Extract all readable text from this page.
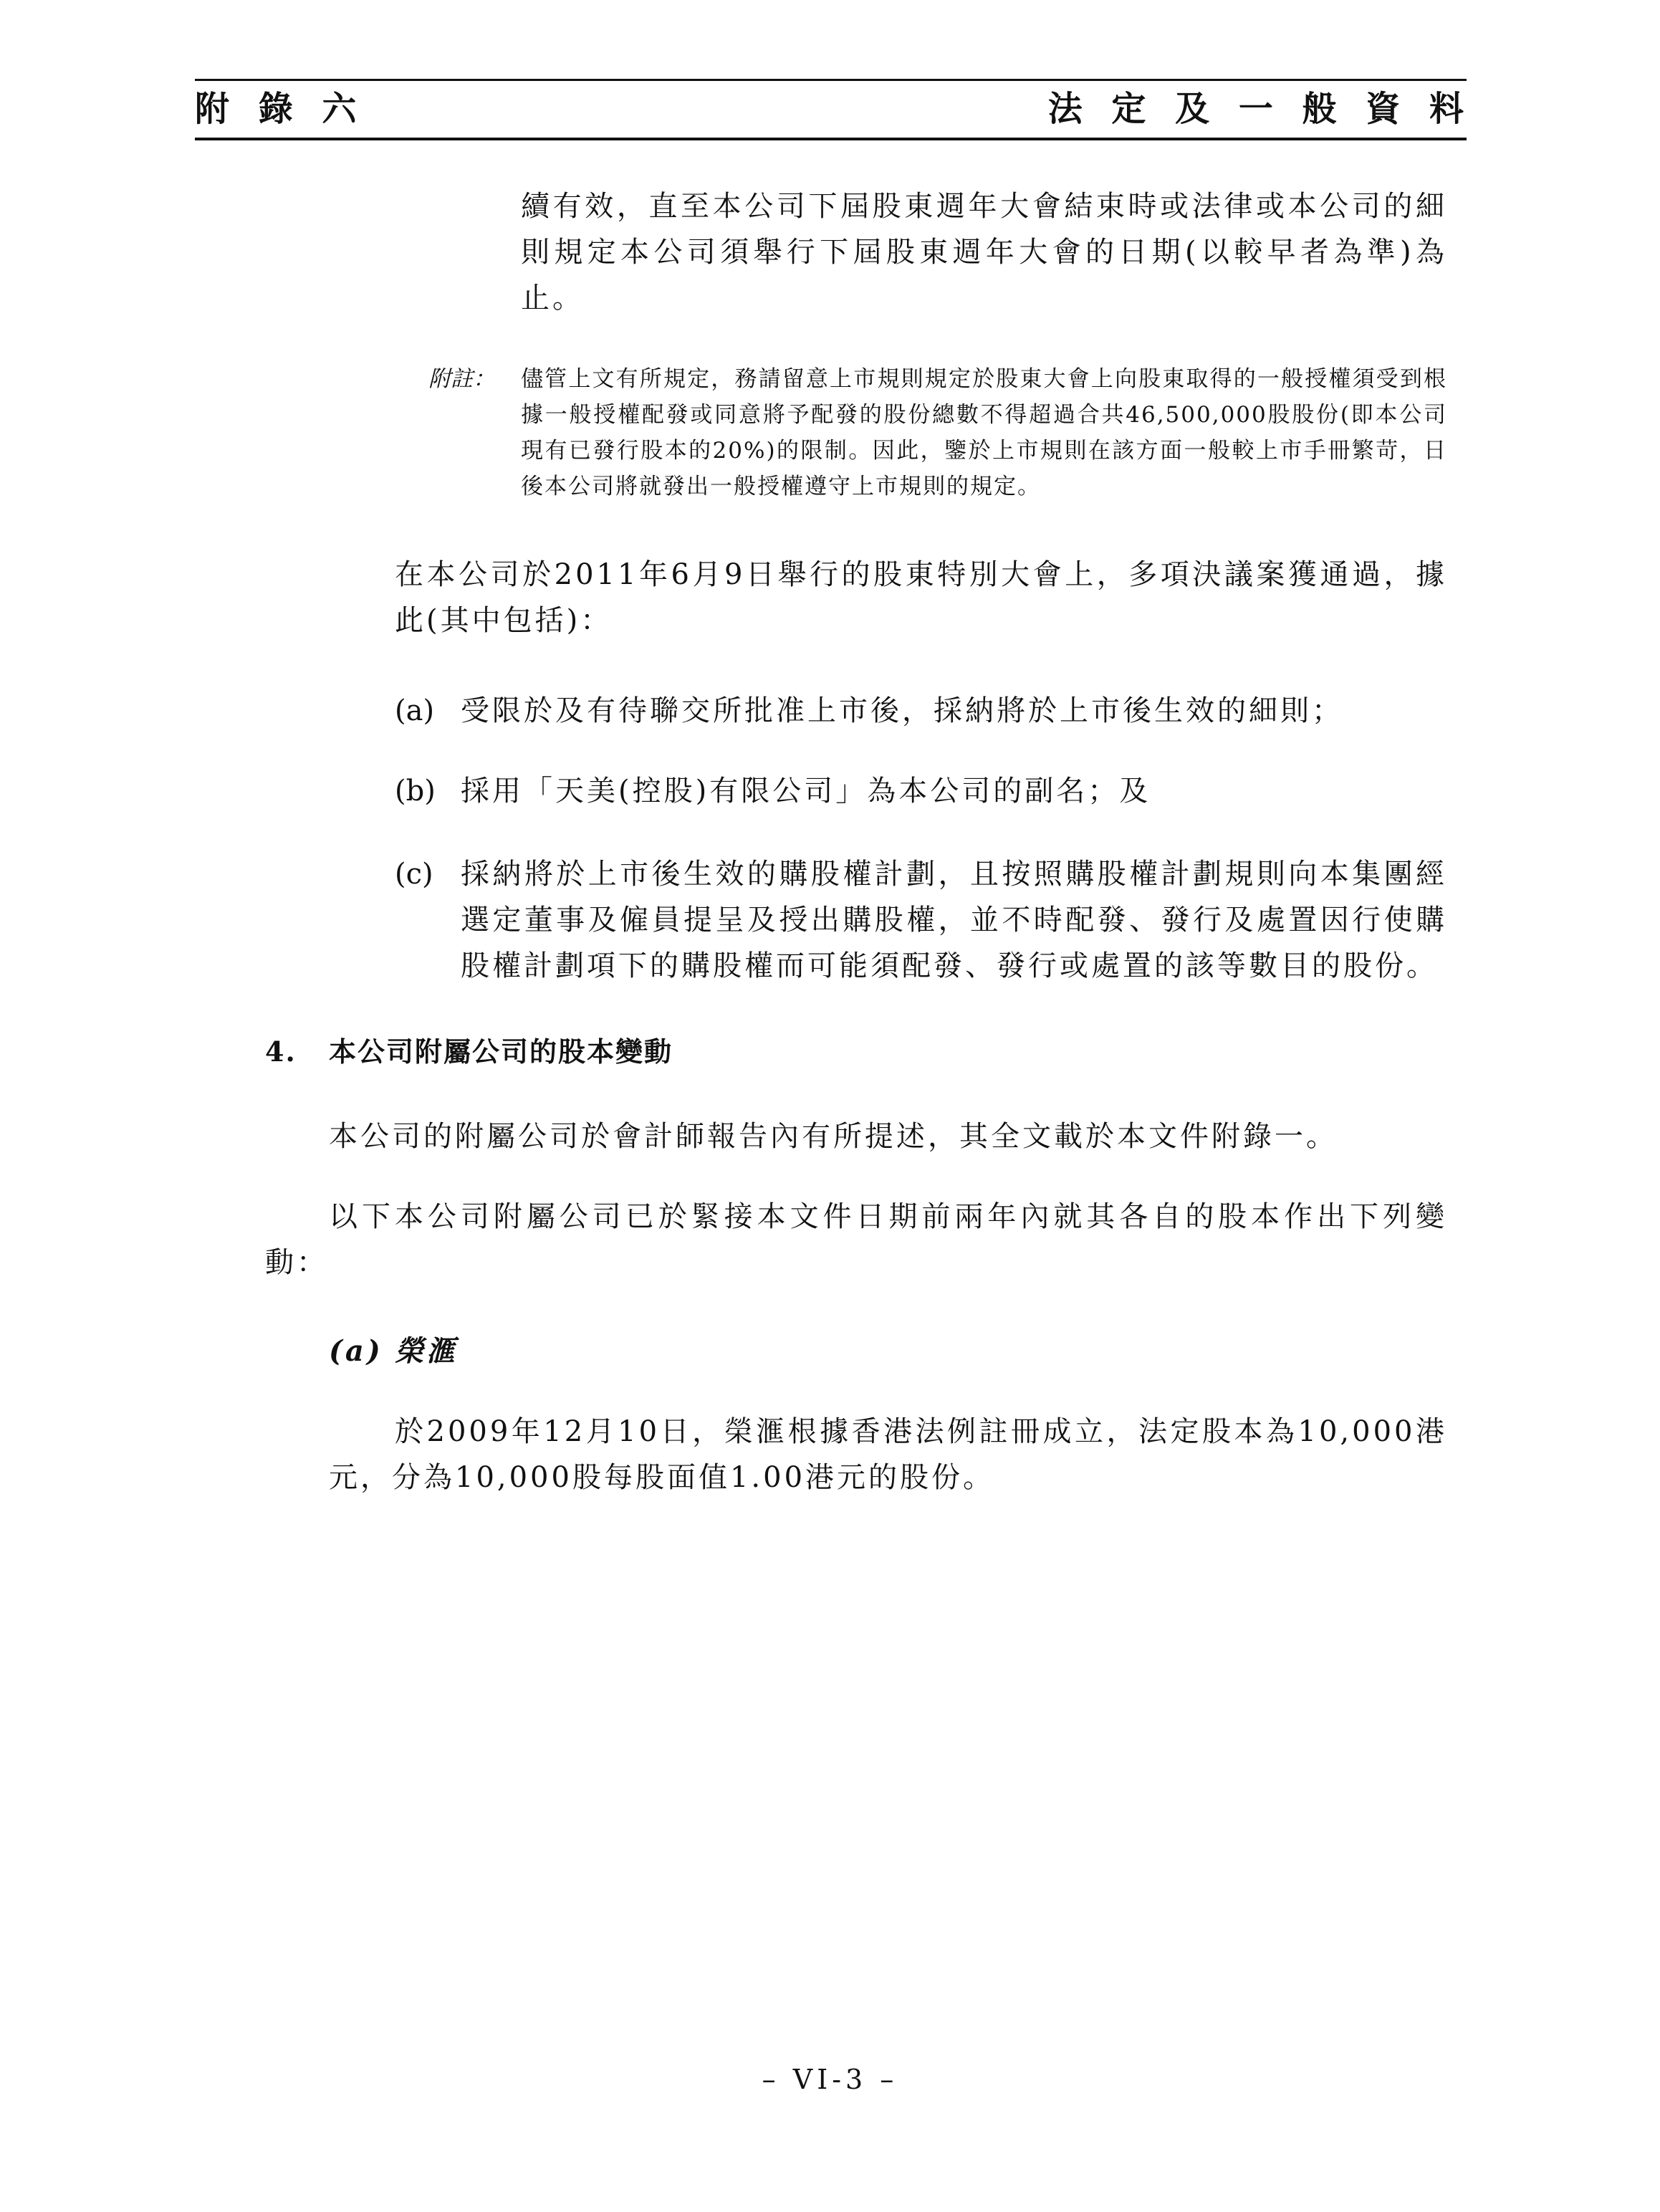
附 錄 六	法 定 及 一 般 資 料

續有效，直至本公司下屆股東週年大會結束時或法律或本公司的細則規定本公司須舉行下屆股東週年大會的日期(以較早者為準)為止。

附註： 儘管上文有所規定，務請留意上市規則規定於股東大會上向股東取得的一般授權須受到根據一般授權配發或同意將予配發的股份總數不得超過合共46,500,000股股份(即本公司現有已發行股本的20%)的限制。因此，鑒於上市規則在該方面一般較上市手冊繁苛，日後本公司將就發出一般授權遵守上市規則的規定。

在本公司於2011年6月9日舉行的股東特別大會上，多項決議案獲通過，據此(其中包括)：

(a) 受限於及有待聯交所批准上市後，採納將於上市後生效的細則；

(b) 採用「天美(控股)有限公司」為本公司的副名；及

(c) 採納將於上市後生效的購股權計劃，且按照購股權計劃規則向本集團經選定董事及僱員提呈及授出購股權，並不時配發、發行及處置因行使購股權計劃項下的購股權而可能須配發、發行或處置的該等數目的股份。

4. 本公司附屬公司的股本變動

本公司的附屬公司於會計師報告內有所提述，其全文載於本文件附錄一。

以下本公司附屬公司已於緊接本文件日期前兩年內就其各自的股本作出下列變動：

(a) 榮滙

於2009年12月10日，榮滙根據香港法例註冊成立，法定股本為10,000港元，分為10,000股每股面值1.00港元的股份。

– VI-3 –
